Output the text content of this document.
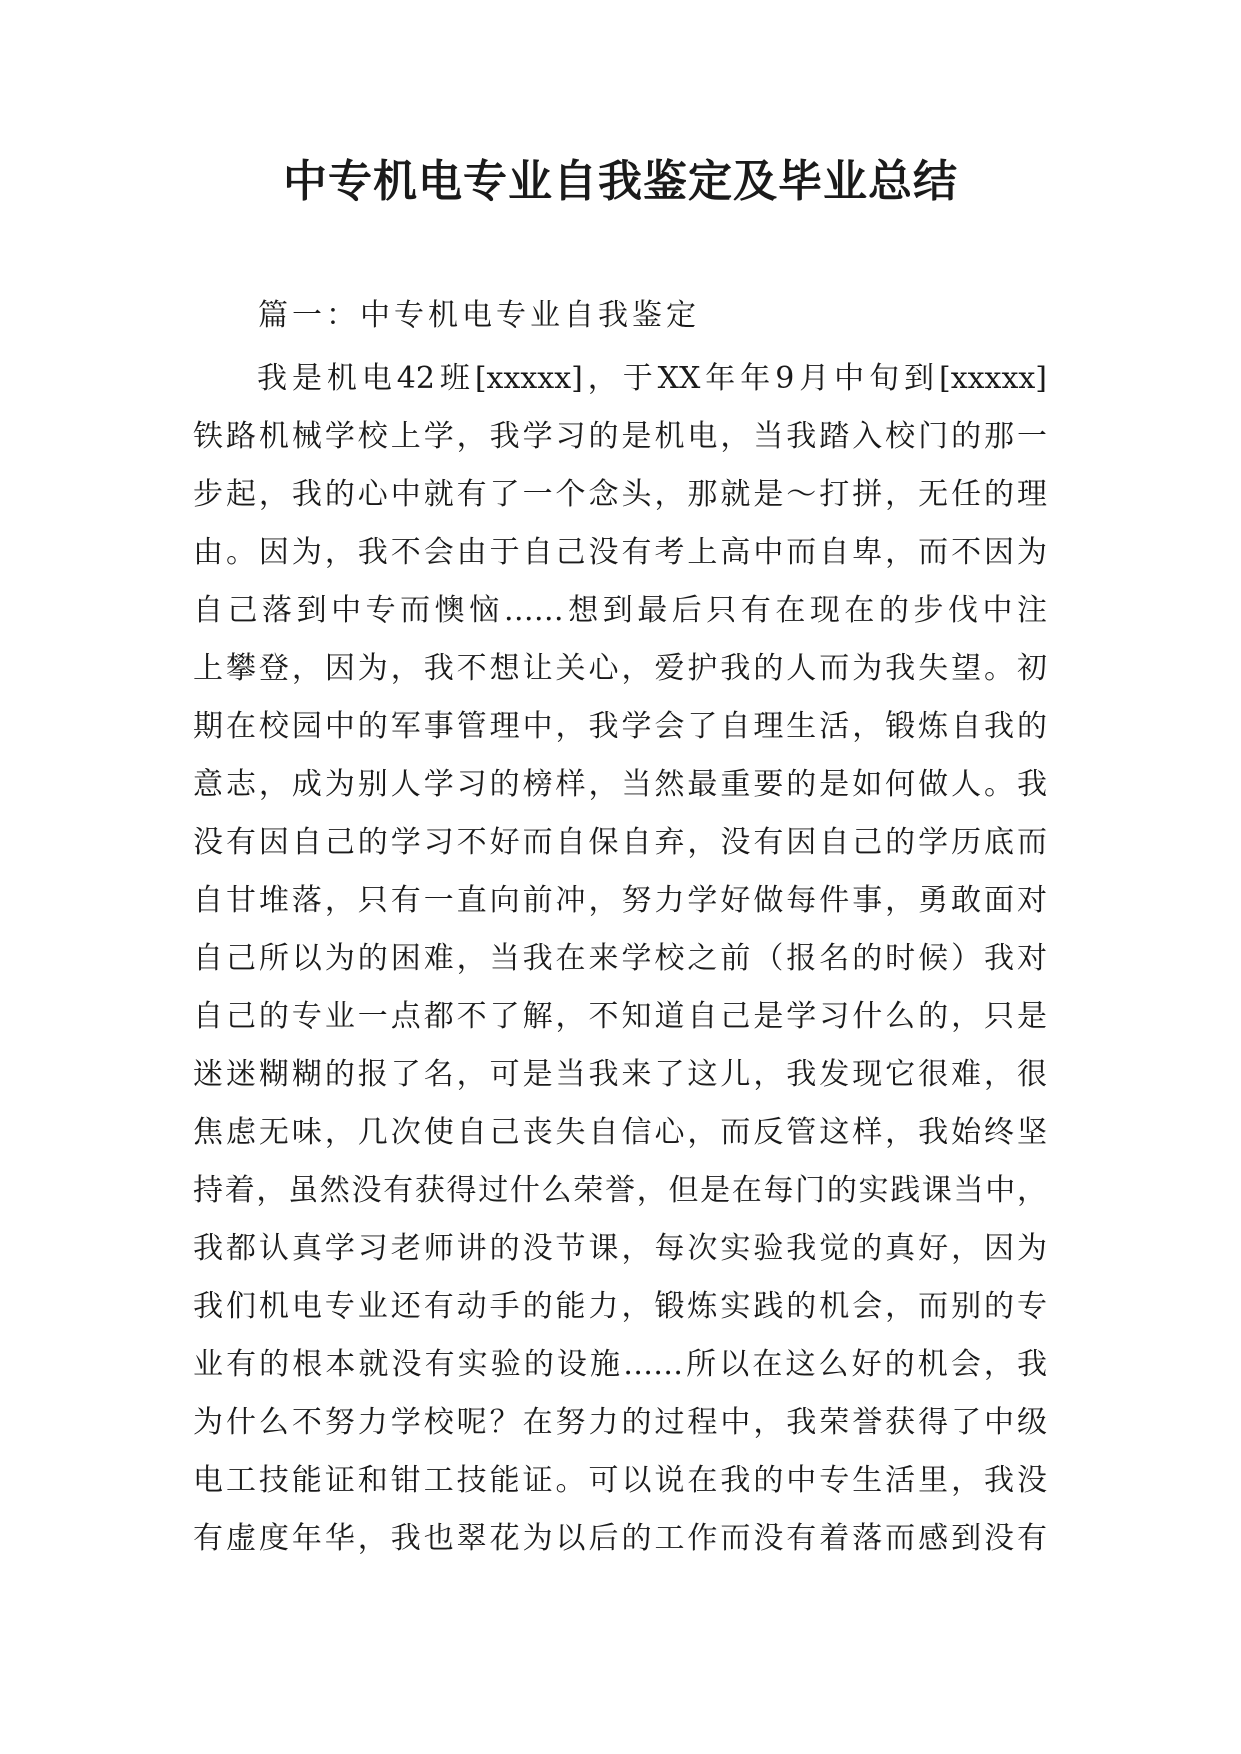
中专机电专业自我鉴定及毕业总结

篇一：中专机电专业自我鉴定

我是机电42班[xxxxx]，于XX年年9月中旬到[xxxxx]
铁路机械学校上学，我学习的是机电，当我踏入校门的那一
步起，我的心中就有了一个念头，那就是～打拼，无任的理
由。因为，我不会由于自己没有考上高中而自卑，而不因为
自己落到中专而懊恼……想到最后只有在现在的步伐中注
上攀登，因为，我不想让关心，爱护我的人而为我失望。初
期在校园中的军事管理中，我学会了自理生活，锻炼自我的
意志，成为别人学习的榜样，当然最重要的是如何做人。我
没有因自己的学习不好而自保自弃，没有因自己的学历底而
自甘堆落，只有一直向前冲，努力学好做每件事，勇敢面对
自己所以为的困难，当我在来学校之前（报名的时候）我对
自己的专业一点都不了解，不知道自己是学习什么的，只是
迷迷糊糊的报了名，可是当我来了这儿，我发现它很难，很
焦虑无味，几次使自己丧失自信心，而反管这样，我始终坚
持着，虽然没有获得过什么荣誉，但是在每门的实践课当中，
我都认真学习老师讲的没节课，每次实验我觉的真好，因为
我们机电专业还有动手的能力，锻炼实践的机会，而别的专
业有的根本就没有实验的设施……所以在这么好的机会，我
为什么不努力学校呢？在努力的过程中，我荣誉获得了中级
电工技能证和钳工技能证。可以说在我的中专生活里，我没
有虚度年华，我也翠花为以后的工作而没有着落而感到没有
